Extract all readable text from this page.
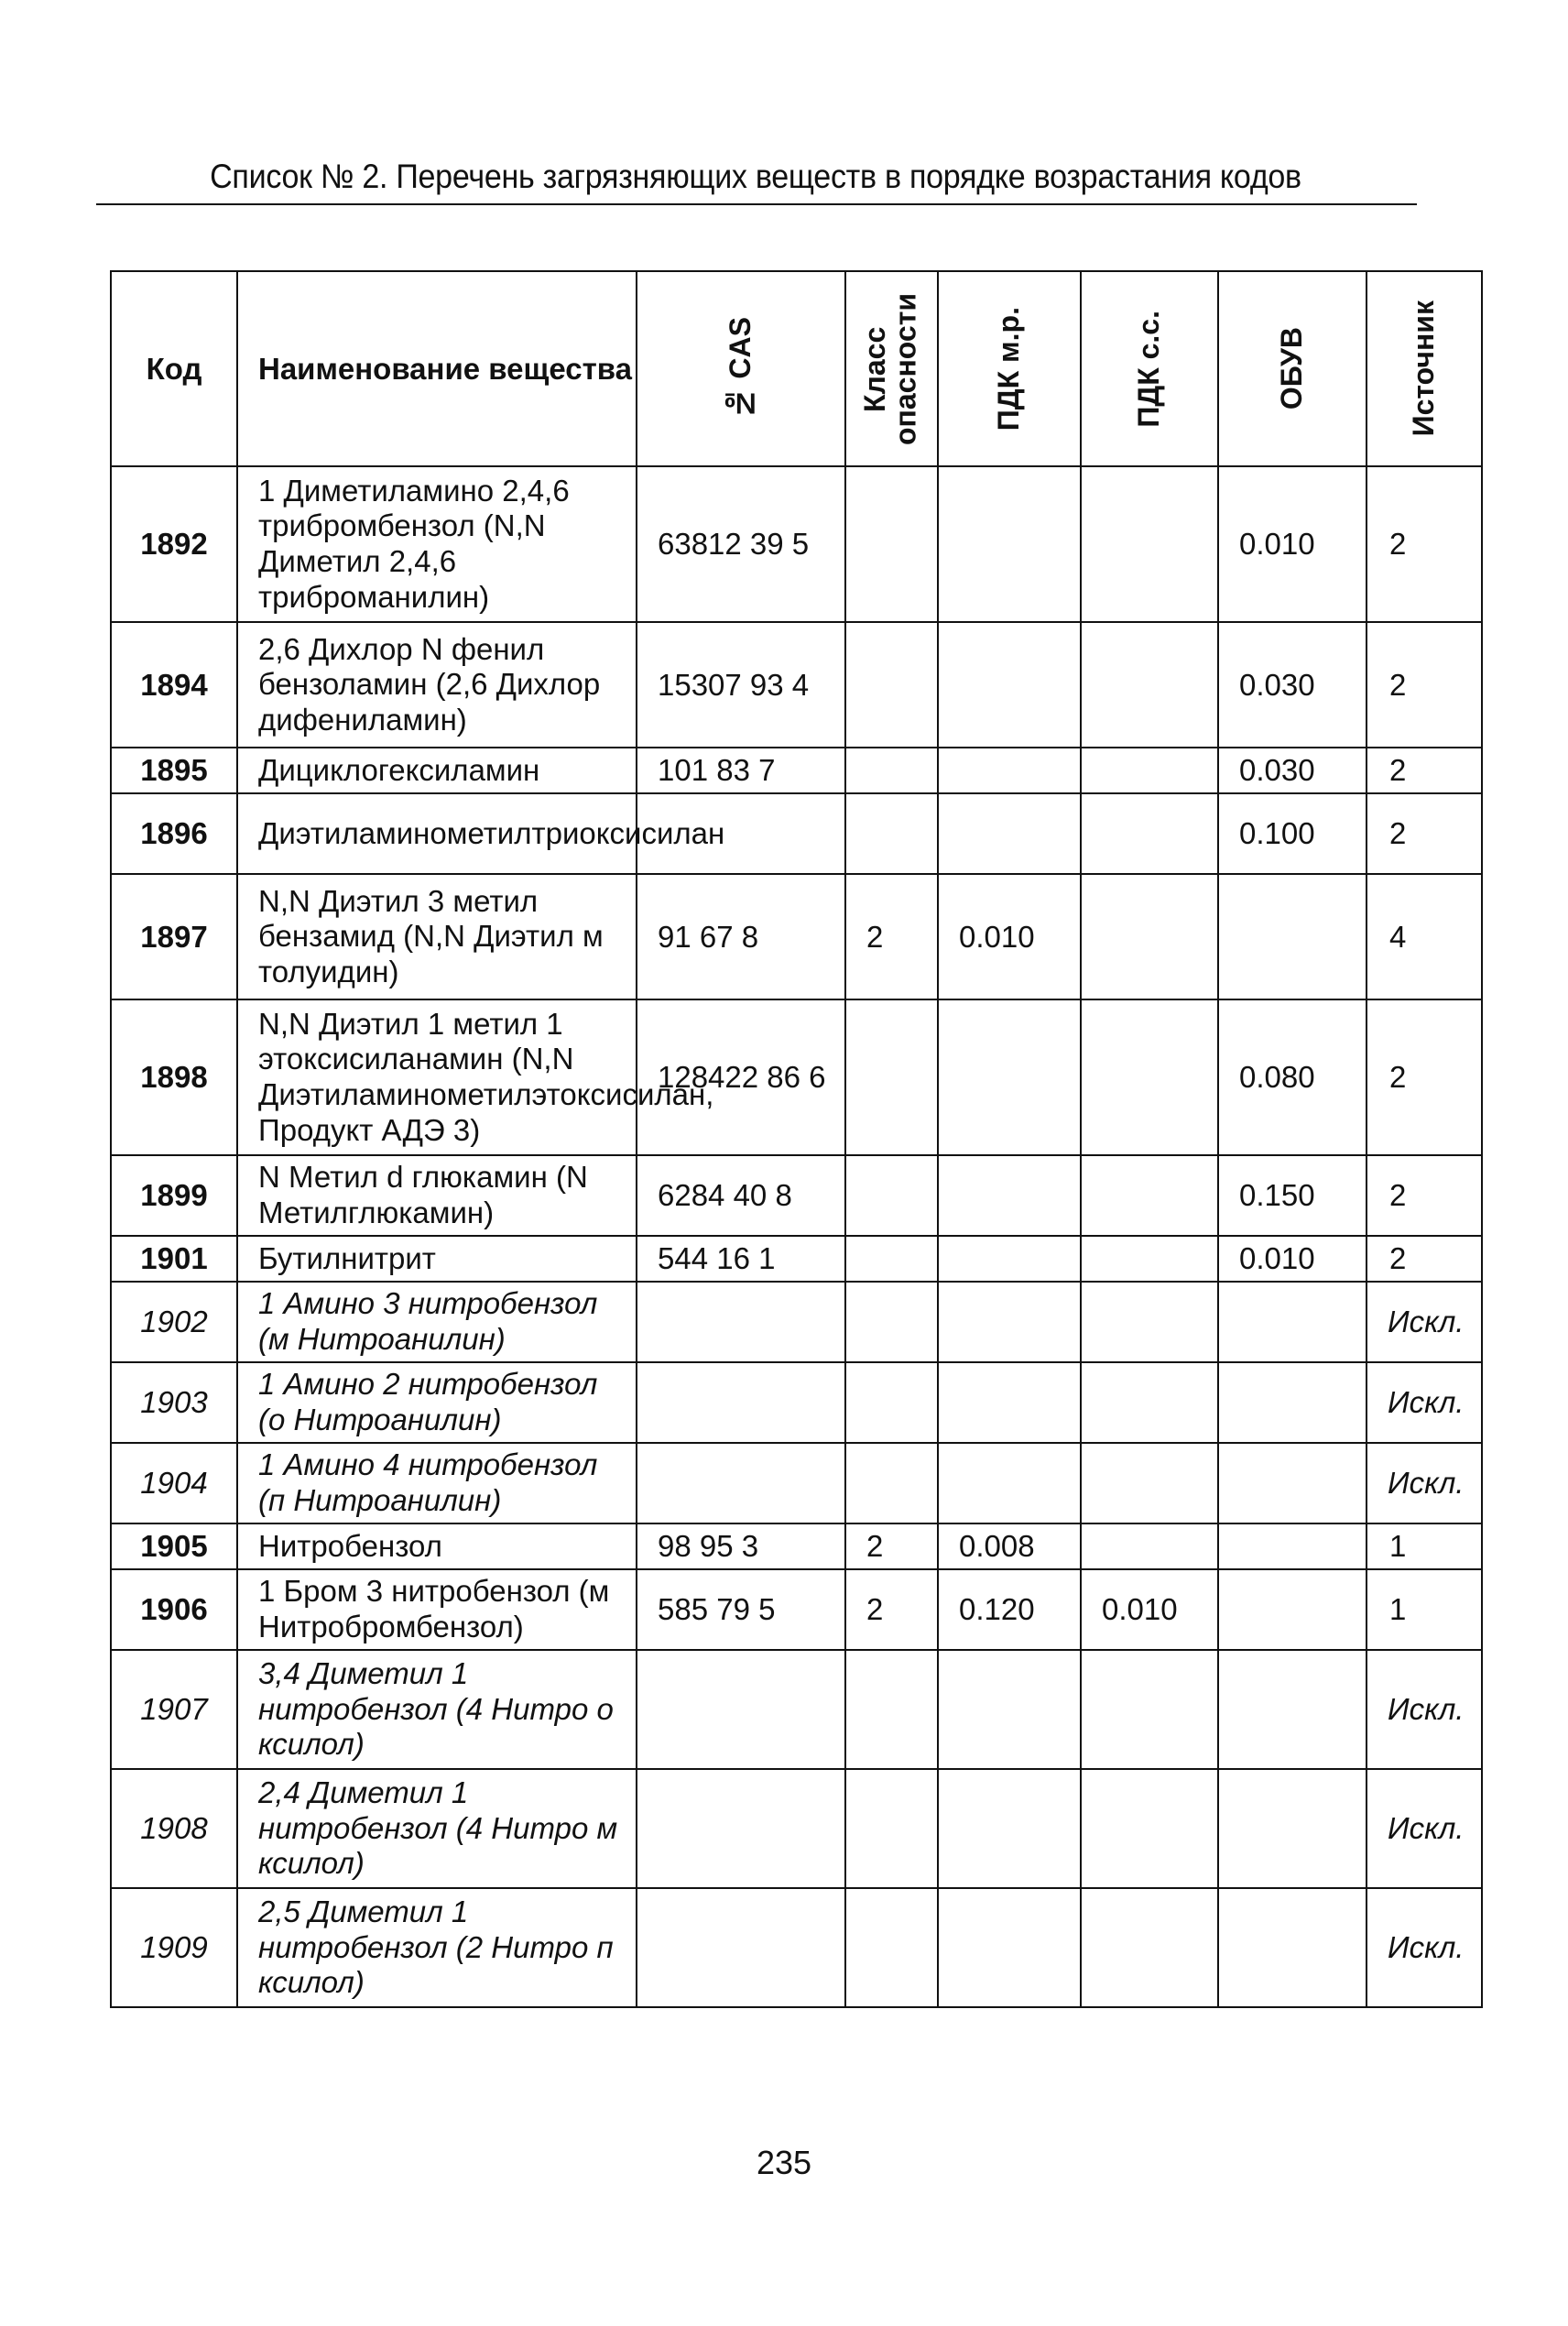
Список № 2. Перечень загрязняющих веществ в порядке возрастания кодов
Код	Наименование вещества	№ CAS	Класс опасности	ПДК м.р.	ПДК с.с.	ОБУВ	Источник

1892	1 Диметиламино 2,4,6 трибромбензол (N,N Диметил 2,4,6 триброманилин)	63812 39 5				0.010	2
1894	2,6 Дихлор N фенил бензоламин (2,6 Дихлор дифениламин)	15307 93 4				0.030	2
1895	Дициклогексиламин	101 83 7				0.030	2
1896	Диэтиламинометилтриоксисилан					0.100	2
1897	N,N Диэтил 3 метил бензамид (N,N Диэтил м толуидин)	91 67 8	2	0.010			4
1898	N,N Диэтил 1 метил 1 этоксисиланамин (N,N Диэтиламинометилэтоксисилан, Продукт АДЭ 3)	128422 86 6				0.080	2
1899	N Метил d глюкамин (N Метилглюкамин)	6284 40 8				0.150	2
1901	Бутилнитрит	544 16 1				0.010	2
1902	1 Амино 3 нитробензол (м Нитроанилин)						Искл.
1903	1 Амино 2 нитробензол (о Нитроанилин)						Искл.
1904	1 Амино 4 нитробензол (п Нитроанилин)						Искл.
1905	Нитробензол	98 95 3	2	0.008			1
1906	1 Бром 3 нитробензол (м Нитробромбензол)	585 79 5	2	0.120	0.010		1
1907	3,4 Диметил 1 нитробензол (4 Нитро о ксилол)						Искл.
1908	2,4 Диметил 1 нитробензол (4 Нитро м ксилол)						Искл.
1909	2,5 Диметил 1 нитробензол (2 Нитро п ксилол)						Искл.
235
